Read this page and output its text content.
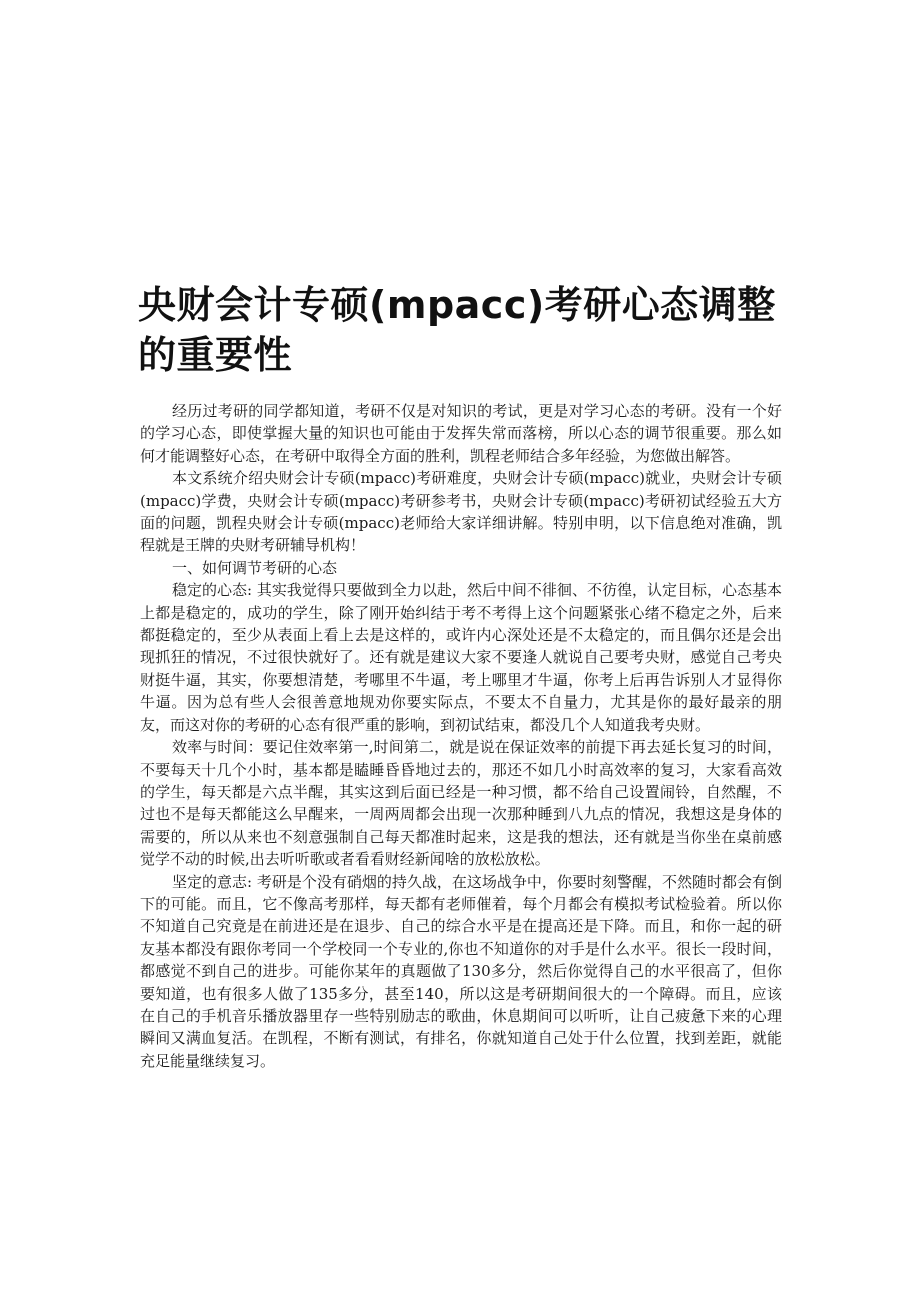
央财会计专硕(mpacc)考研心态调整的重要性

经历过考研的同学都知道，考研不仅是对知识的考试，更是对学习心态的考研。没有一个好的学习心态，即使掌握大量的知识也可能由于发挥失常而落榜，所以心态的调节很重要。那么如何才能调整好心态，在考研中取得全方面的胜利，凯程老师结合多年经验，为您做出解答。

本文系统介绍央财会计专硕(mpacc)考研难度，央财会计专硕(mpacc)就业，央财会计专硕(mpacc)学费，央财会计专硕(mpacc)考研参考书，央财会计专硕(mpacc)考研初试经验五大方面的问题，凯程央财会计专硕(mpacc)老师给大家详细讲解。特别申明，以下信息绝对准确，凯程就是王牌的央财考研辅导机构！

一、如何调节考研的心态

稳定的心态: 其实我觉得只要做到全力以赴，然后中间不徘徊、不彷徨，认定目标，心态基本上都是稳定的，成功的学生，除了刚开始纠结于考不考得上这个问题紧张心绪不稳定之外，后来都挺稳定的，至少从表面上看上去是这样的，或许内心深处还是不太稳定的，而且偶尔还是会出现抓狂的情况，不过很快就好了。还有就是建议大家不要逢人就说自己要考央财，感觉自己考央财挺牛逼，其实，你要想清楚，考哪里不牛逼，考上哪里才牛逼，你考上后再告诉别人才显得你牛逼。因为总有些人会很善意地规劝你要实际点，不要太不自量力，尤其是你的最好最亲的朋友，而这对你的考研的心态有很严重的影响，到初试结束，都没几个人知道我考央财。

效率与时间：要记住效率第一,时间第二，就是说在保证效率的前提下再去延长复习的时间，不要每天十几个小时，基本都是瞌睡昏昏地过去的，那还不如几小时高效率的复习，大家看高效的学生，每天都是六点半醒，其实这到后面已经是一种习惯，都不给自己设置闹铃，自然醒，不过也不是每天都能这么早醒来，一周两周都会出现一次那种睡到八九点的情况，我想这是身体的需要的，所以从来也不刻意强制自己每天都准时起来，这是我的想法，还有就是当你坐在桌前感觉学不动的时候,出去听听歌或者看看财经新闻啥的放松放松。

坚定的意志: 考研是个没有硝烟的持久战，在这场战争中，你要时刻警醒，不然随时都会有倒下的可能。而且，它不像高考那样，每天都有老师催着，每个月都会有模拟考试检验着。所以你不知道自己究竟是在前进还是在退步、自己的综合水平是在提高还是下降。而且，和你一起的研友基本都没有跟你考同一个学校同一个专业的,你也不知道你的对手是什么水平。很长一段时间，都感觉不到自己的进步。可能你某年的真题做了130多分，然后你觉得自己的水平很高了，但你要知道，也有很多人做了135多分，甚至140，所以这是考研期间很大的一个障碍。而且，应该在自己的手机音乐播放器里存一些特别励志的歌曲，休息期间可以听听，让自己疲惫下来的心理瞬间又满血复活。在凯程，不断有测试，有排名，你就知道自己处于什么位置，找到差距，就能充足能量继续复习。
